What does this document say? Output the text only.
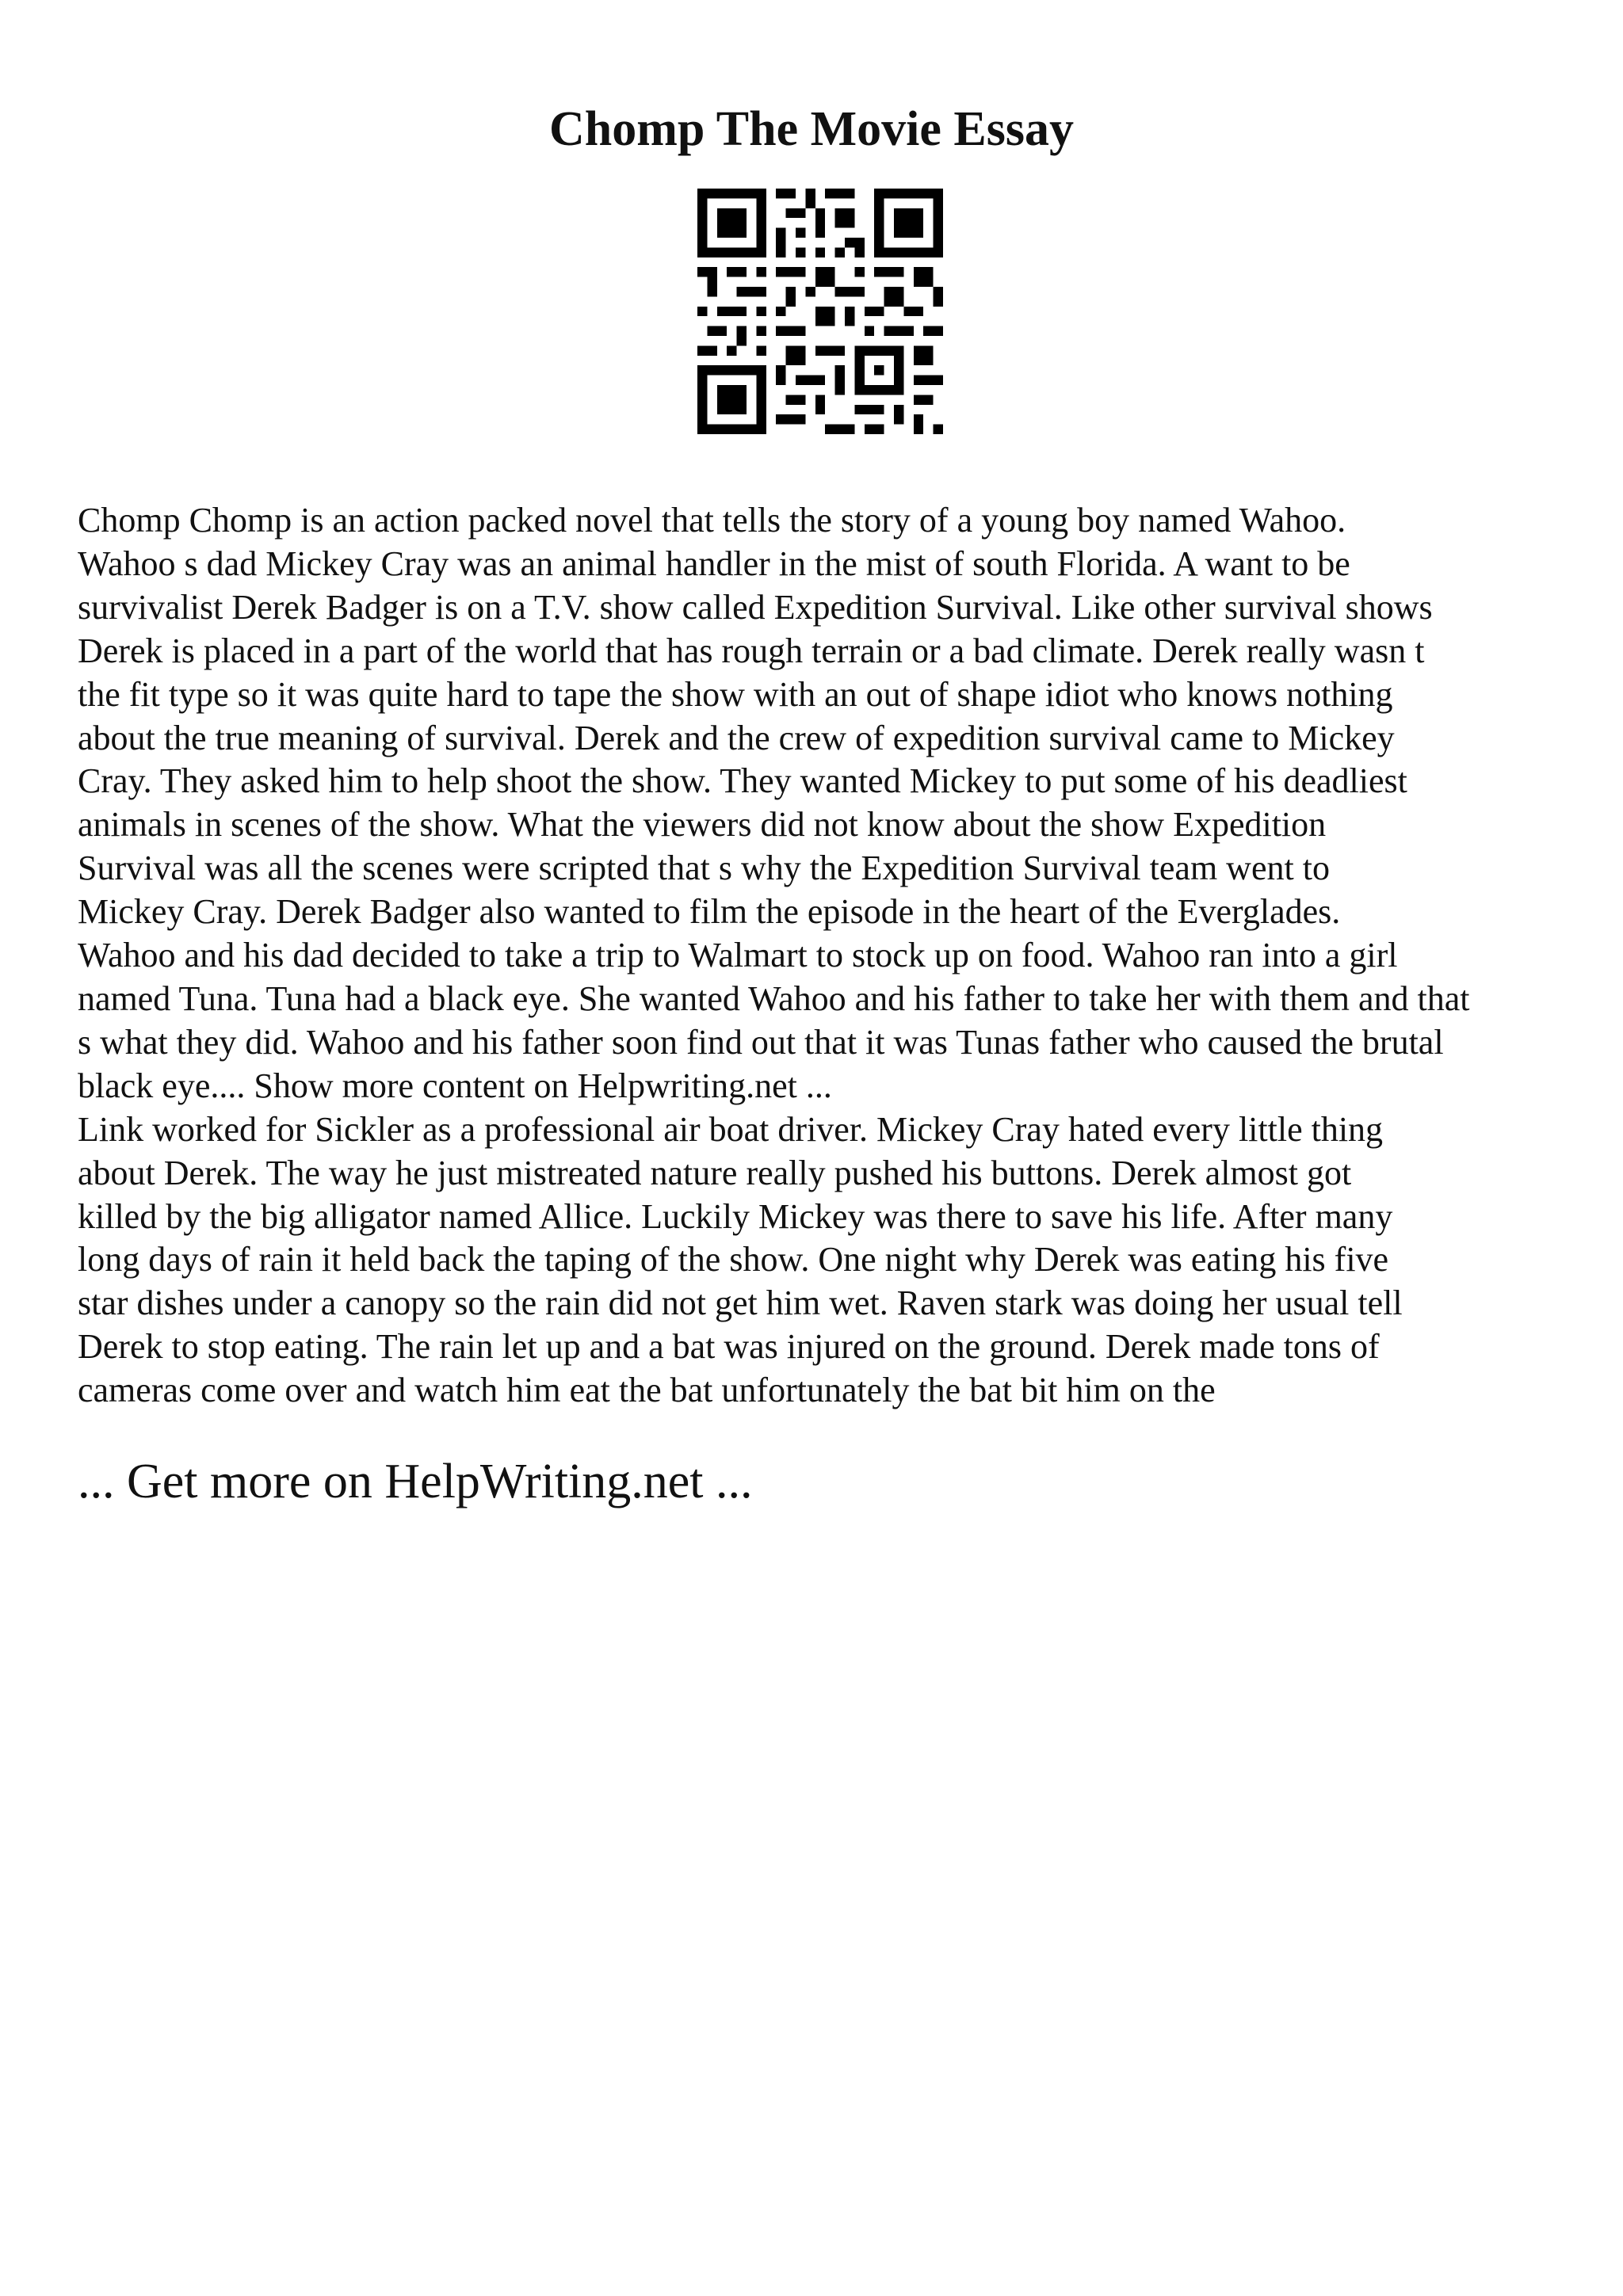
Chomp The Movie Essay
Chomp Chomp is an action packed novel that tells the story of a young boy named Wahoo.
Wahoo s dad Mickey Cray was an animal handler in the mist of south Florida. A want to be
survivalist Derek Badger is on a T.V. show called Expedition Survival. Like other survival shows
Derek is placed in a part of the world that has rough terrain or a bad climate. Derek really wasn t
the fit type so it was quite hard to tape the show with an out of shape idiot who knows nothing
about the true meaning of survival. Derek and the crew of expedition survival came to Mickey
Cray. They asked him to help shoot the show. They wanted Mickey to put some of his deadliest
animals in scenes of the show. What the viewers did not know about the show Expedition
Survival was all the scenes were scripted that s why the Expedition Survival team went to
Mickey Cray. Derek Badger also wanted to film the episode in the heart of the Everglades.
Wahoo and his dad decided to take a trip to Walmart to stock up on food. Wahoo ran into a girl
named Tuna. Tuna had a black eye. She wanted Wahoo and his father to take her with them and that
s what they did. Wahoo and his father soon find out that it was Tunas father who caused the brutal
black eye.... Show more content on Helpwriting.net ...
Link worked for Sickler as a professional air boat driver. Mickey Cray hated every little thing
about Derek. The way he just mistreated nature really pushed his buttons. Derek almost got
killed by the big alligator named Allice. Luckily Mickey was there to save his life. After many
long days of rain it held back the taping of the show. One night why Derek was eating his five
star dishes under a canopy so the rain did not get him wet. Raven stark was doing her usual tell
Derek to stop eating. The rain let up and a bat was injured on the ground. Derek made tons of
cameras come over and watch him eat the bat unfortunately the bat bit him on the

... Get more on HelpWriting.net ...
